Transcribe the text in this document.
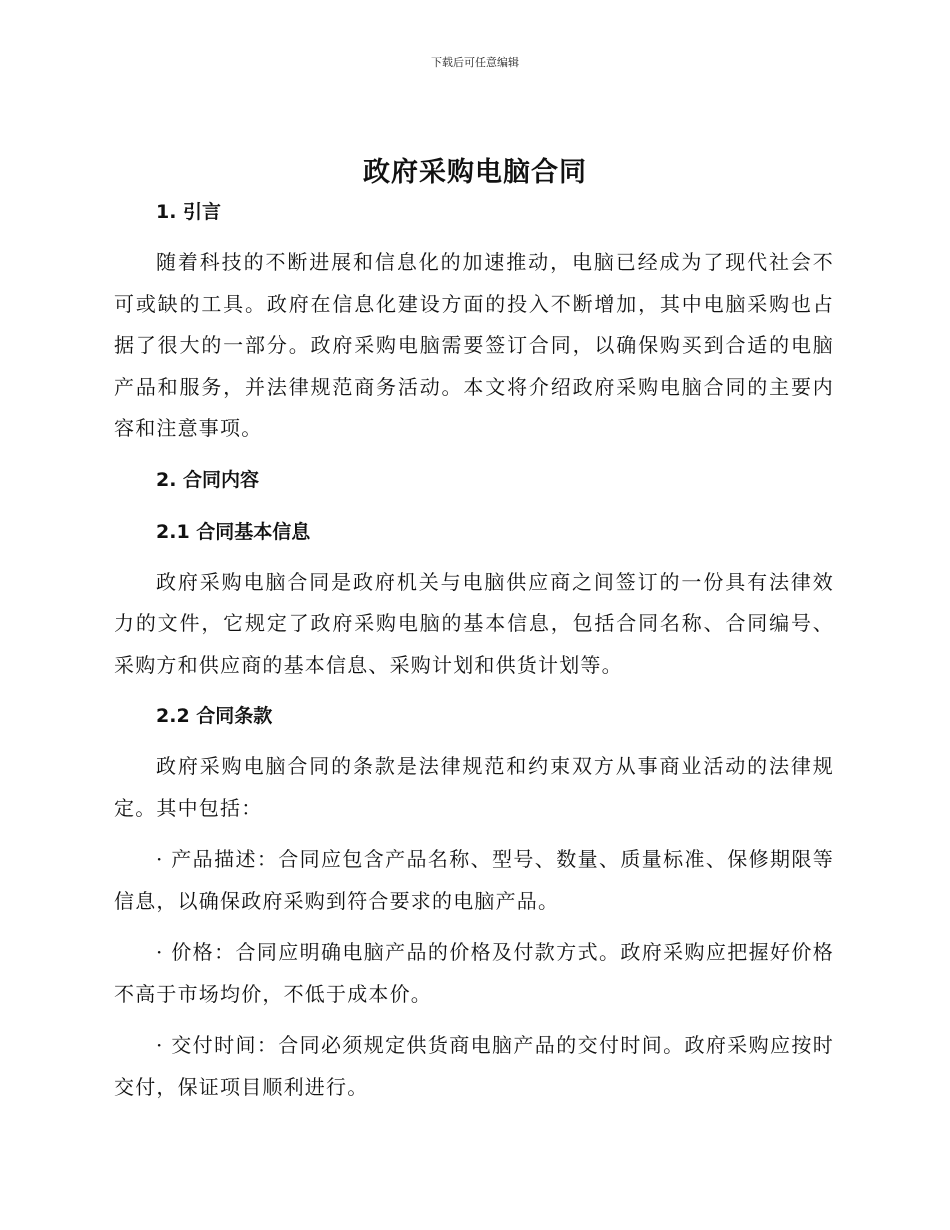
下载后可任意编辑
政府采购电脑合同
1. 引言

随着科技的不断进展和信息化的加速推动，电脑已经成为了现代社会不可或缺的工具。政府在信息化建设方面的投入不断增加，其中电脑采购也占据了很大的一部分。政府采购电脑需要签订合同，以确保购买到合适的电脑产品和服务，并法律规范商务活动。本文将介绍政府采购电脑合同的主要内容和注意事项。

2. 合同内容
2.1 合同基本信息

政府采购电脑合同是政府机关与电脑供应商之间签订的一份具有法律效力的文件，它规定了政府采购电脑的基本信息，包括合同名称、合同编号、采购方和供应商的基本信息、采购计划和供货计划等。

2.2 合同条款

政府采购电脑合同的条款是法律规范和约束双方从事商业活动的法律规定。其中包括：

· 产品描述：合同应包含产品名称、型号、数量、质量标准、保修期限等信息，以确保政府采购到符合要求的电脑产品。

· 价格：合同应明确电脑产品的价格及付款方式。政府采购应把握好价格不高于市场均价，不低于成本价。

· 交付时间：合同必须规定供货商电脑产品的交付时间。政府采购应按时交付，保证项目顺利进行。
